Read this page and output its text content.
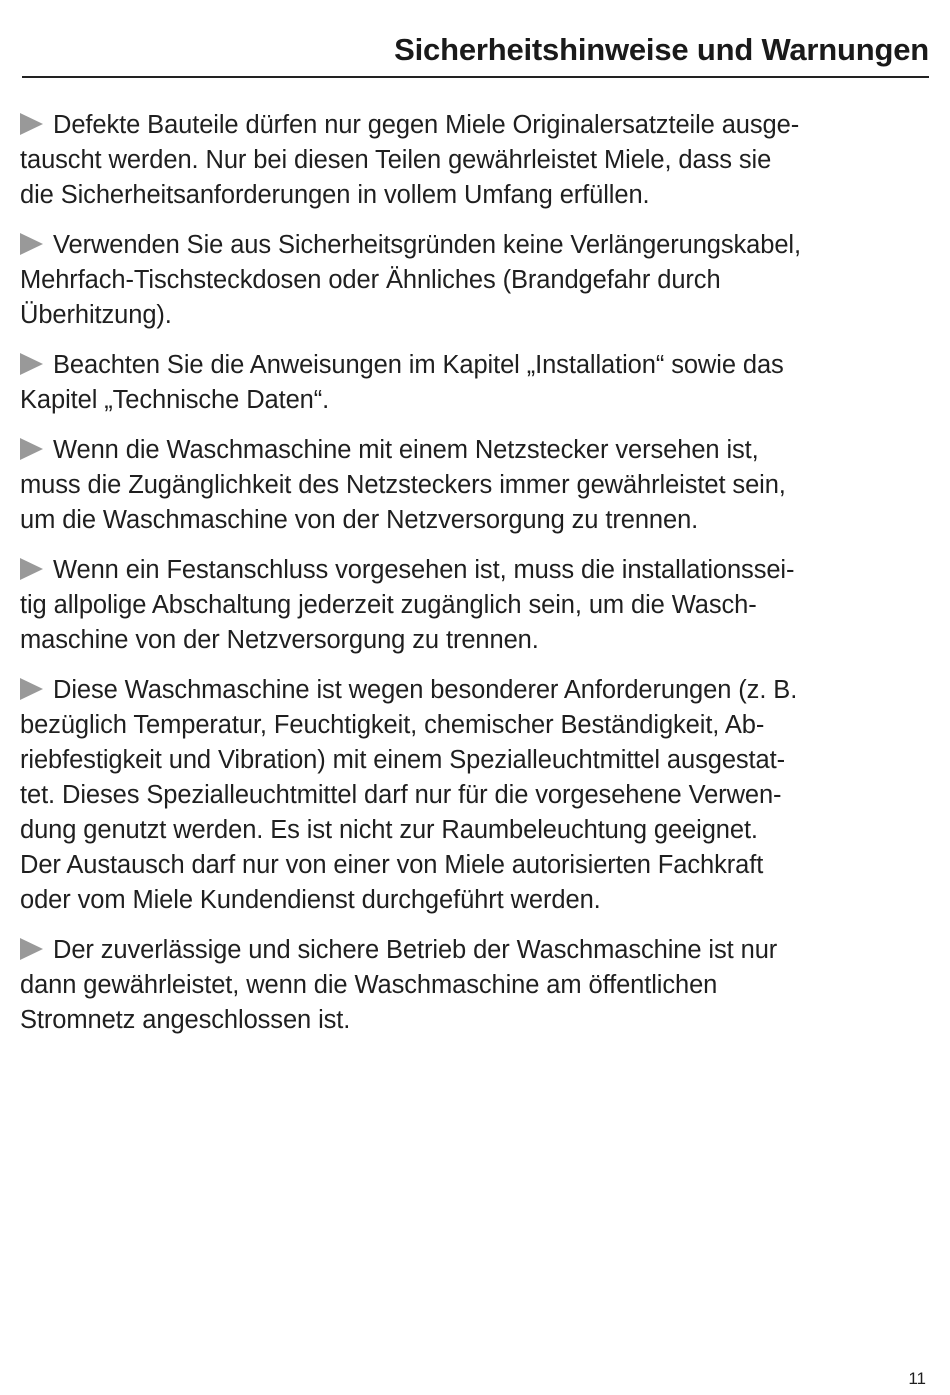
Sicherheitshinweise und Warnungen

Defekte Bauteile dürfen nur gegen Miele Originalersatzteile ausge-
tauscht werden. Nur bei diesen Teilen gewährleistet Miele, dass sie
die Sicherheitsanforderungen in vollem Umfang erfüllen.

Verwenden Sie aus Sicherheitsgründen keine Verlängerungskabel,
Mehrfach-Tischsteckdosen oder Ähnliches (Brandgefahr durch
Überhitzung).

Beachten Sie die Anweisungen im Kapitel „Installation“ sowie das
Kapitel „Technische Daten“.

Wenn die Waschmaschine mit einem Netzstecker versehen ist,
muss die Zugänglichkeit des Netzsteckers immer gewährleistet sein,
um die Waschmaschine von der Netzversorgung zu trennen.

Wenn ein Festanschluss vorgesehen ist, muss die installationssei-
tig allpolige Abschaltung jederzeit zugänglich sein, um die Wasch-
maschine von der Netzversorgung zu trennen.

Diese Waschmaschine ist wegen besonderer Anforderungen (z. B.
bezüglich Temperatur, Feuchtigkeit, chemischer Beständigkeit, Ab-
riebfestigkeit und Vibration) mit einem Spezialleuchtmittel ausgestat-
tet. Dieses Spezialleuchtmittel darf nur für die vorgesehene Verwen-
dung genutzt werden. Es ist nicht zur Raumbeleuchtung geeignet.
Der Austausch darf nur von einer von Miele autorisierten Fachkraft
oder vom Miele Kundendienst durchgeführt werden.

Der zuverlässige und sichere Betrieb der Waschmaschine ist nur
dann gewährleistet, wenn die Waschmaschine am öffentlichen
Stromnetz angeschlossen ist.

11
